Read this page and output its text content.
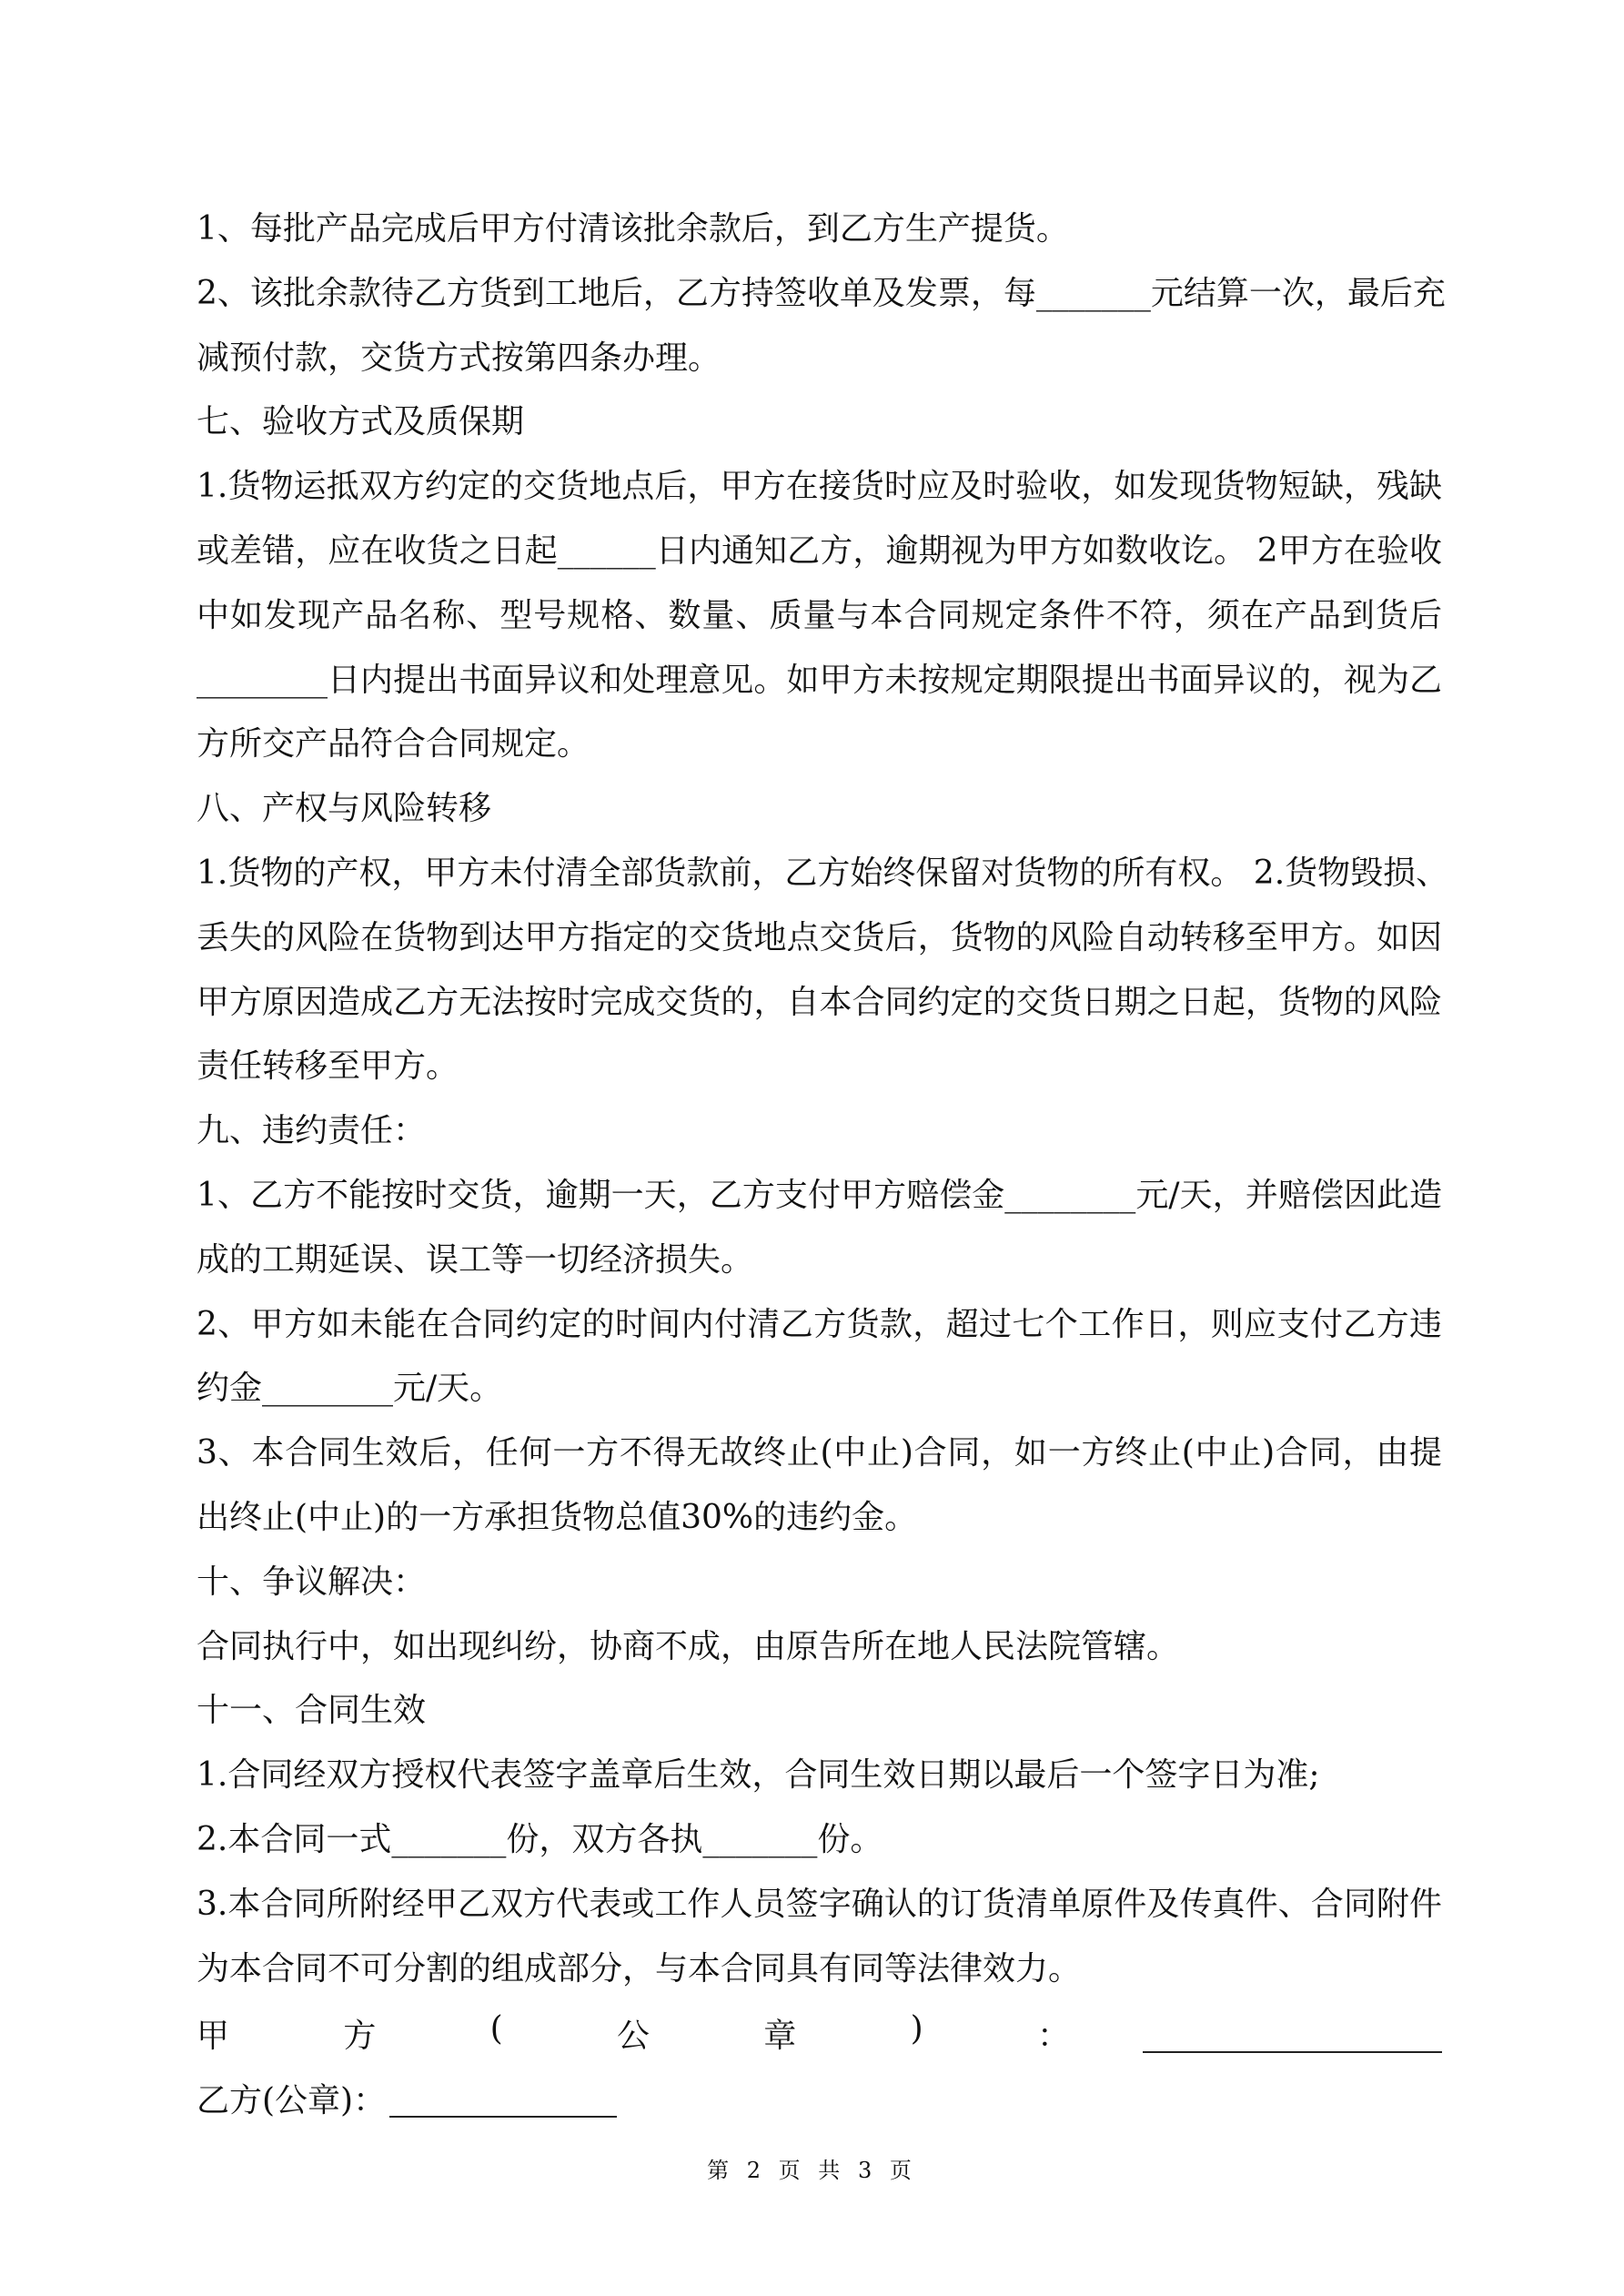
1、每批产品完成后甲方付清该批余款后，到乙方生产提货。
2、该批余款待乙方货到工地后，乙方持签收单及发票，每_______元结算一次，最后充
减预付款，交货方式按第四条办理。
七、验收方式及质保期
1.货物运抵双方约定的交货地点后，甲方在接货时应及时验收，如发现货物短缺，残缺
或差错，应在收货之日起______日内通知乙方，逾期视为甲方如数收讫。 2甲方在验收
中如发现产品名称、型号规格、数量、质量与本合同规定条件不符，须在产品到货后
________日内提出书面异议和处理意见。如甲方未按规定期限提出书面异议的，视为乙
方所交产品符合合同规定。
八、产权与风险转移
1.货物的产权，甲方未付清全部货款前，乙方始终保留对货物的所有权。 2.货物毁损、
丢失的风险在货物到达甲方指定的交货地点交货后，货物的风险自动转移至甲方。如因
甲方原因造成乙方无法按时完成交货的，自本合同约定的交货日期之日起，货物的风险
责任转移至甲方。
九、违约责任：
1、乙方不能按时交货，逾期一天，乙方支付甲方赔偿金________元/天，并赔偿因此造
成的工期延误、误工等一切经济损失。
2、甲方如未能在合同约定的时间内付清乙方货款，超过七个工作日，则应支付乙方违
约金________元/天。
3、本合同生效后，任何一方不得无故终止(中止)合同，如一方终止(中止)合同，由提
出终止(中止)的一方承担货物总值30%的违约金。
十、争议解决：
合同执行中，如出现纠纷，协商不成，由原告所在地人民法院管辖。
十一、合同生效
1.合同经双方授权代表签字盖章后生效，合同生效日期以最后一个签字日为准;
2.本合同一式_______份，双方各执_______份。
3.本合同所附经甲乙双方代表或工作人员签字确认的订货清单原件及传真件、合同附件
为本合同不可分割的组成部分，与本合同具有同等法律效力。
甲	方	(	公	章	)	：
乙方(公章)：
第 2 页 共 3 页
